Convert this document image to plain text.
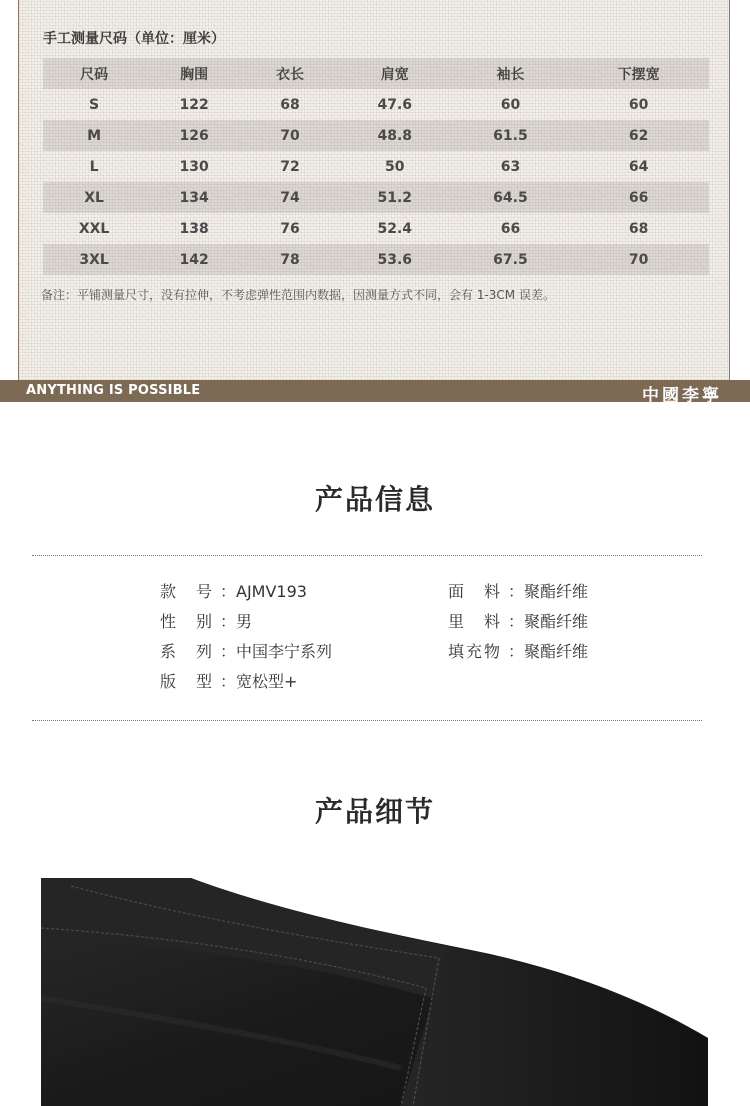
手工测量尺码（单位：厘米）
尺码	胸围	衣长	肩宽	袖长	下摆宽
S	122	68	47.6	60	60
M	126	70	48.8	61.5	62
L	130	72	50	63	64
XL	134	74	51.2	64.5	66
XXL	138	76	52.4	66	68
3XL	142	78	53.6	67.5	70
备注：平铺测量尺寸，没有拉伸，不考虑弹性范围内数据，因测量方式不同，会有 1-3CM 误差。
ANYTHING IS POSSIBLE	中國李寧
产品信息
款　号 ：AJMV193
性　别 ：男
系　列 ：中国李宁系列
版　型 ：宽松型+
面　料 ：聚酯纤维
里　料 ：聚酯纤维
填充物 ：聚酯纤维
产品细节
